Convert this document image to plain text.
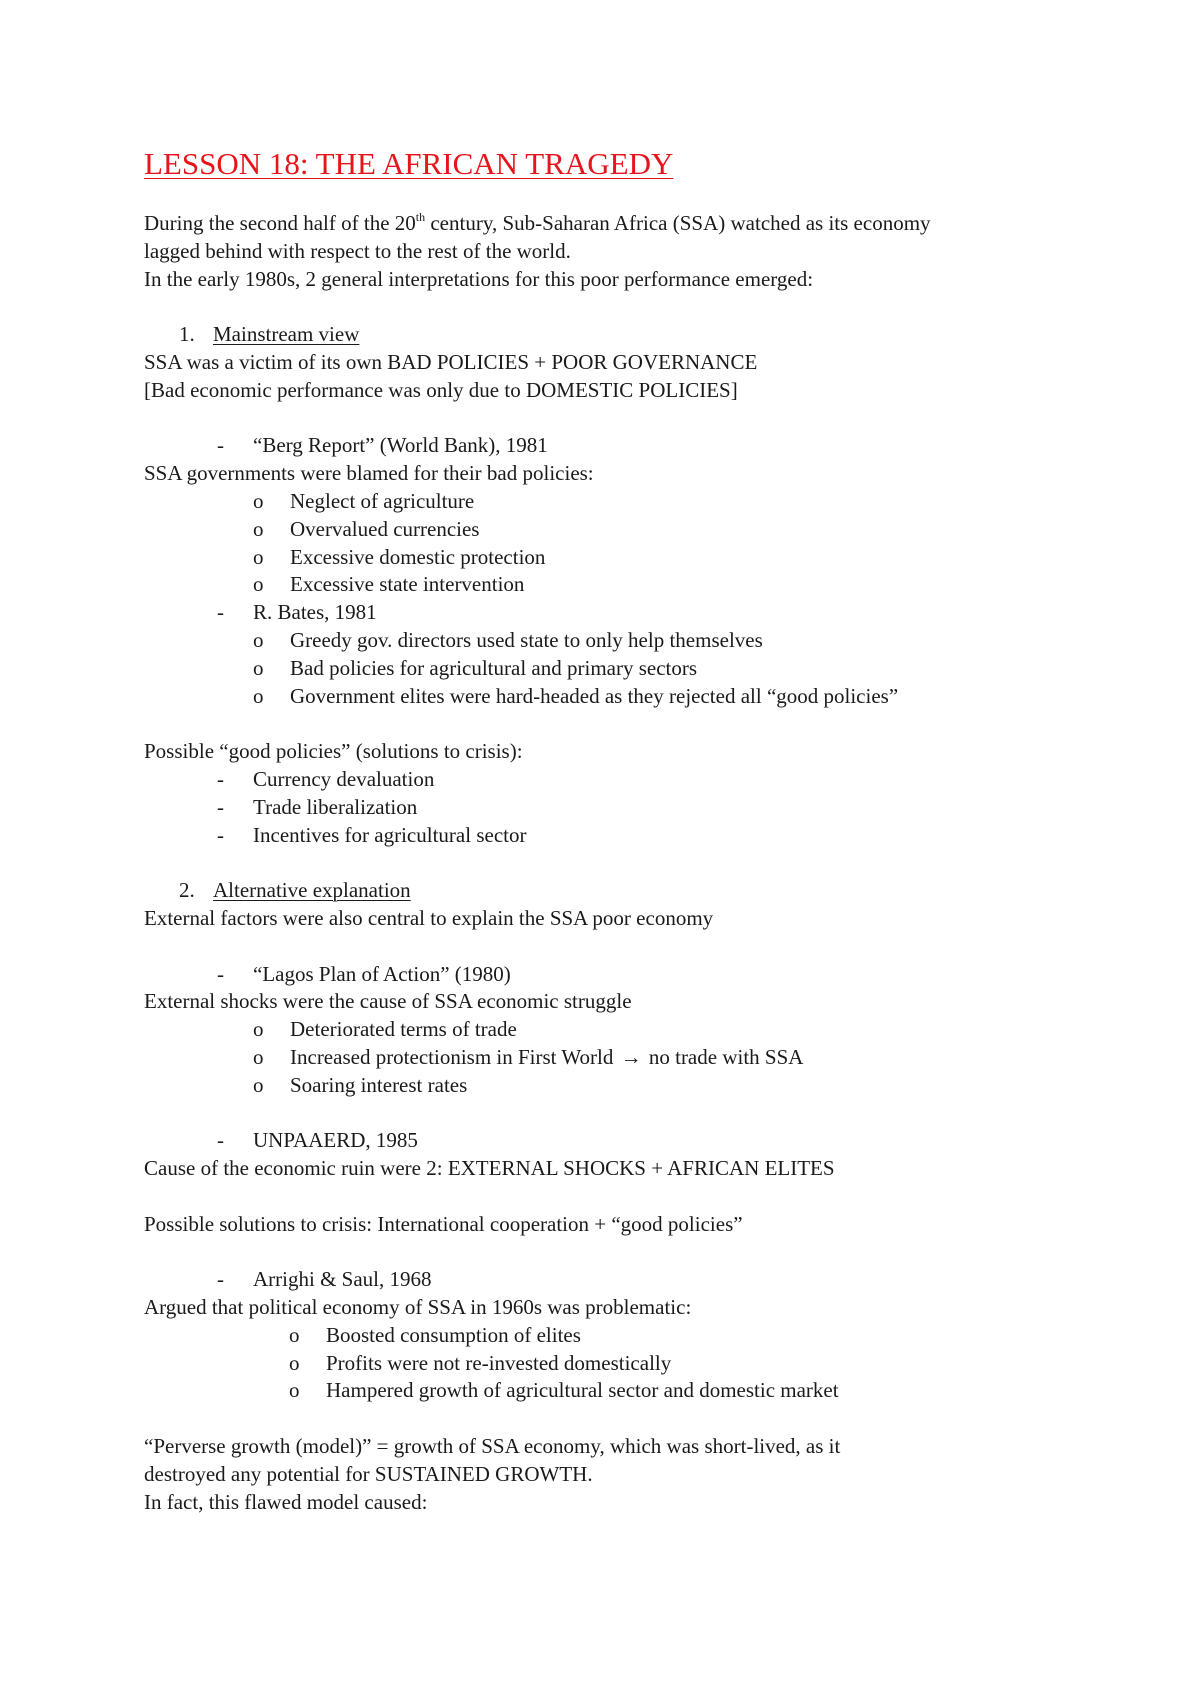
LESSON 18: THE AFRICAN TRAGEDY

During the second half of the 20th century, Sub-Saharan Africa (SSA) watched as its economy

lagged behind with respect to the rest of the world.

In the early 1980s, 2 general interpretations for this poor performance emerged:

1. Mainstream view

SSA was a victim of its own BAD POLICIES + POOR GOVERNANCE

[Bad economic performance was only due to DOMESTIC POLICIES]

-	“Berg Report” (World Bank), 1981

SSA governments were blamed for their bad policies:

o	Neglect of agriculture
o	Overvalued currencies
o	Excessive domestic protection
o	Excessive state intervention
-	R. Bates, 1981
o	Greedy gov. directors used state to only help themselves
o	Bad policies for agricultural and primary sectors
o	Government elites were hard-headed as they rejected all “good policies”

Possible “good policies” (solutions to crisis):

-	Currency devaluation
-	Trade liberalization
-	Incentives for agricultural sector
2. Alternative explanation

External factors were also central to explain the SSA poor economy

-	“Lagos Plan of Action” (1980)

External shocks were the cause of SSA economic struggle

o	Deteriorated terms of trade
o	Increased protectionism in First World → no trade with SSA
o	Soaring interest rates
-	UNPAAERD, 1985

Cause of the economic ruin were 2: EXTERNAL SHOCKS + AFRICAN ELITES

Possible solutions to crisis: International cooperation + “good policies”

-	Arrighi & Saul, 1968

Argued that political economy of SSA in 1960s was problematic:

o	Boosted consumption of elites
o	Profits were not re-invested domestically
o	Hampered growth of agricultural sector and domestic market

“Perverse growth (model)” = growth of SSA economy, which was short-lived, as it

destroyed any potential for SUSTAINED GROWTH.

In fact, this flawed model caused:
